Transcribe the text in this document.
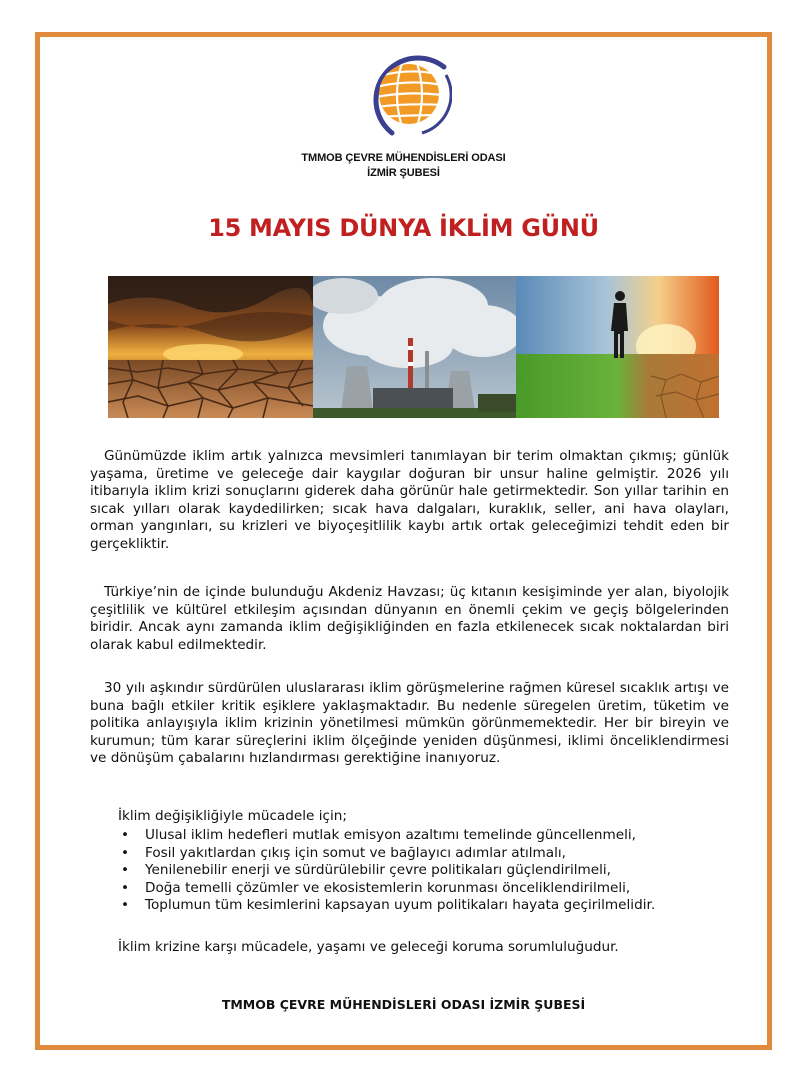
TMMOB ÇEVRE MÜHENDİSLERİ ODASI
İZMİR ŞUBESİ
15 MAYIS DÜNYA İKLİM GÜNÜ

Günümüzde iklim artık yalnızca mevsimleri tanımlayan bir terim olmaktan çıkmış; günlük yaşama, üretime ve geleceğe dair kaygılar doğuran bir unsur haline gelmiştir. 2026 yılı itibarıyla iklim krizi sonuçlarını giderek daha görünür hale getirmektedir. Son yıllar tarihin en sıcak yılları olarak kaydedilirken; sıcak hava dalgaları, kuraklık, seller, ani hava olayları, orman yangınları, su krizleri ve biyoçeşitlilik kaybı artık ortak geleceğimizi tehdit eden bir gerçekliktir.

Türkiye’nin de içinde bulunduğu Akdeniz Havzası; üç kıtanın kesişiminde yer alan, biyolojik çeşitlilik ve kültürel etkileşim açısından dünyanın en önemli çekim ve geçiş bölgelerinden biridir. Ancak aynı zamanda iklim değişikliğinden en fazla etkilenecek sıcak noktalardan biri olarak kabul edilmektedir.

30 yılı aşkındır sürdürülen uluslararası iklim görüşmelerine rağmen küresel sıcaklık artışı ve buna bağlı etkiler kritik eşiklere yaklaşmaktadır. Bu nedenle süregelen üretim, tüketim ve politika anlayışıyla iklim krizinin yönetilmesi mümkün görünmemektedir. Her bir bireyin ve kurumun; tüm karar süreçlerini iklim ölçeğinde yeniden düşünmesi, iklimi önceliklendirmesi ve dönüşüm çabalarını hızlandırması gerektiğine inanıyoruz.

İklim değişikliğiyle mücadele için;

• Ulusal iklim hedefleri mutlak emisyon azaltımı temelinde güncellenmeli,
• Fosil yakıtlardan çıkış için somut ve bağlayıcı adımlar atılmalı,
• Yenilenebilir enerji ve sürdürülebilir çevre politikaları güçlendirilmeli,
• Doğa temelli çözümler ve ekosistemlerin korunması önceliklendirilmeli,
• Toplumun tüm kesimlerini kapsayan uyum politikaları hayata geçirilmelidir.

İklim krizine karşı mücadele, yaşamı ve geleceği koruma sorumluluğudur.

TMMOB ÇEVRE MÜHENDİSLERİ ODASI İZMİR ŞUBESİ
